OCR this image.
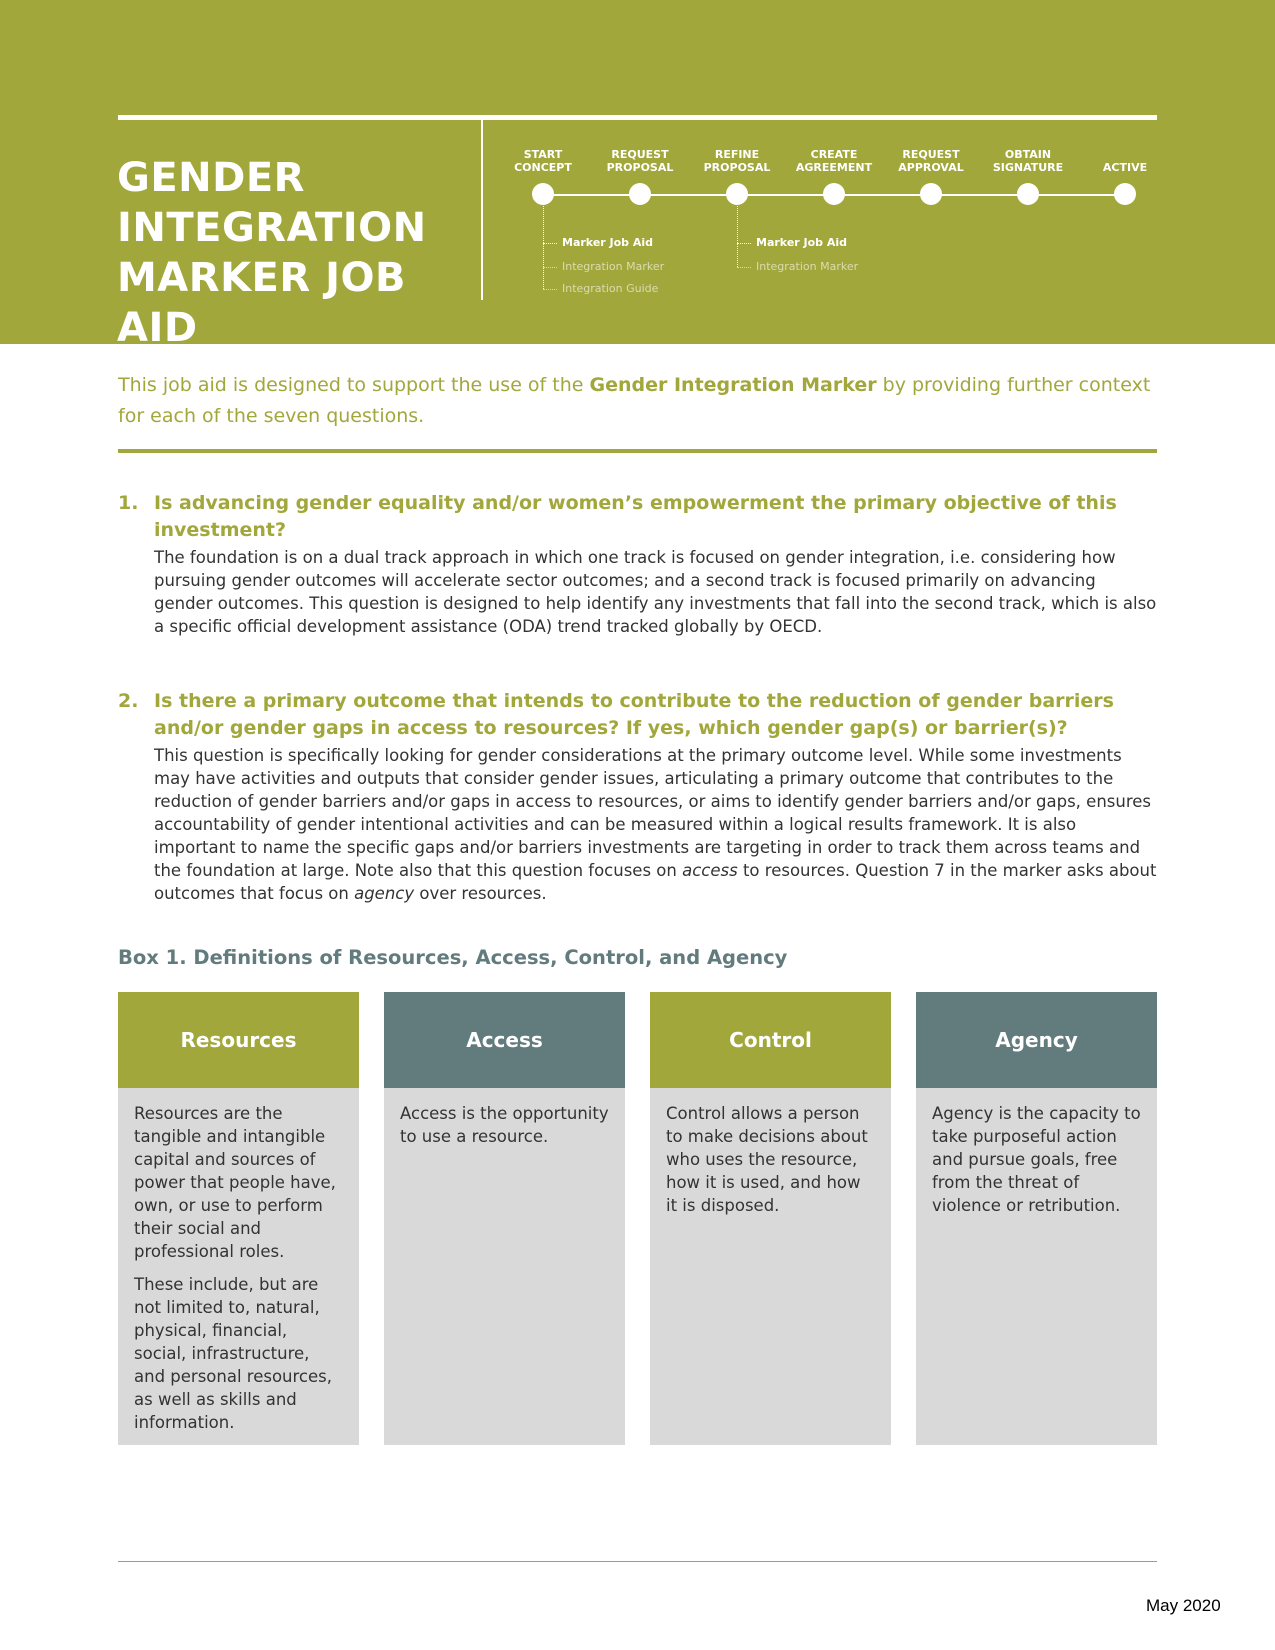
GENDER
INTEGRATION
MARKER JOB AID
START
CONCEPT
REQUEST
PROPOSAL
REFINE
PROPOSAL
CREATE
AGREEMENT
REQUEST
APPROVAL
OBTAIN
SIGNATURE	ACTIVE
Marker Job Aid
Integration Marker
Integration Guide
Marker Job Aid
Integration Marker
This job aid is designed to support the use of the Gender Integration Marker by providing further context for each of the seven questions.
1. Is advancing gender equality and/or women’s empowerment the primary objective of this investment?
The foundation is on a dual track approach in which one track is focused on gender integration, i.e. considering how pursuing gender outcomes will accelerate sector outcomes; and a second track is focused primarily on advancing gender outcomes. This question is designed to help identify any investments that fall into the second track, which is also a specific official development assistance (ODA) trend tracked globally by OECD.
2. Is there a primary outcome that intends to contribute to the reduction of gender barriers and/or gender gaps in access to resources? If yes, which gender gap(s) or barrier(s)?
This question is specifically looking for gender considerations at the primary outcome level. While some investments may have activities and outputs that consider gender issues, articulating a primary outcome that contributes to the reduction of gender barriers and/or gaps in access to resources, or aims to identify gender barriers and/or gaps, ensures accountability of gender intentional activities and can be measured within a logical results framework. It is also important to name the specific gaps and/or barriers investments are targeting in order to track them across teams and the foundation at large. Note also that this question focuses on access to resources. Question 7 in the marker asks about outcomes that focus on agency over resources.
Box 1. Definitions of Resources, Access, Control, and Agency
Resources

Resources are the tangible and intangible capital and sources of power that people have, own, or use to perform their social and professional roles.

These include, but are not limited to, natural, physical, financial, social, infrastructure, and personal resources, as well as skills and information.

Access

Access is the opportunity to use a resource.

Control

Control allows a person to make decisions about who uses the resource, how it is used, and how it is disposed.

Agency

Agency is the capacity to take purposeful action and pursue goals, free from the threat of violence or retribution.

May 2020
